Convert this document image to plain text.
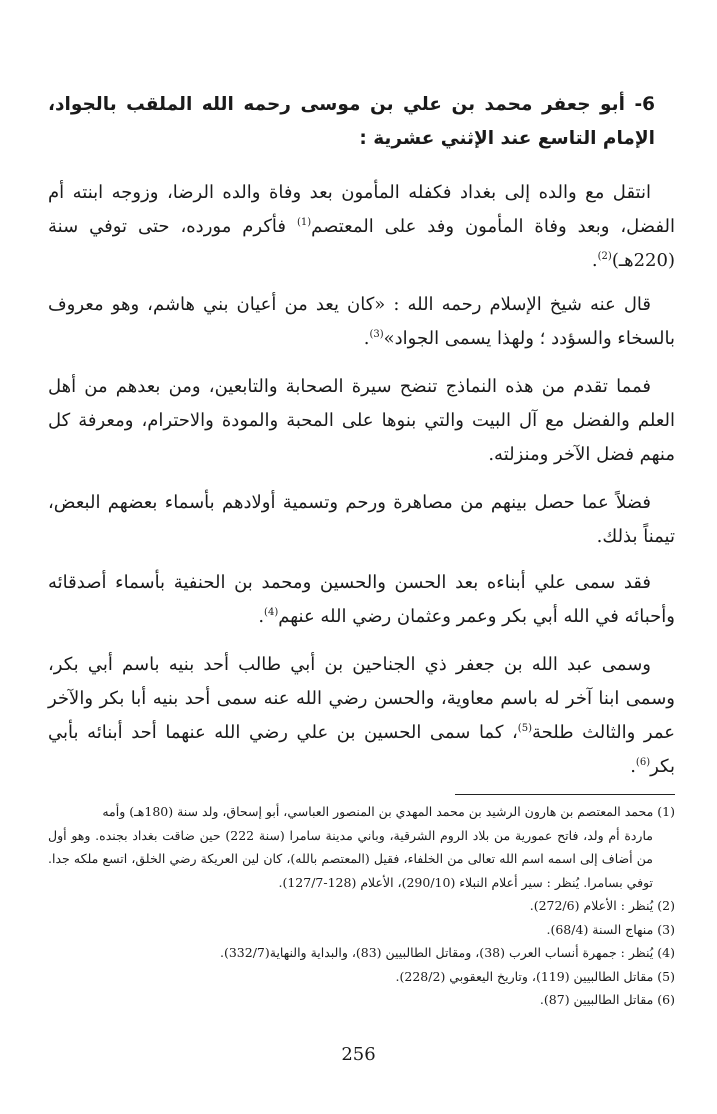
6- أبو جعفر محمد بن علي بن موسى رحمه الله الملقب بالجواد، الإمام التاسع عند الإثني عشرية :
انتقل مع والده إلى بغداد فكفله المأمون بعد وفاة والده الرضا، وزوجه ابنته أم الفضل، وبعد وفاة المأمون وفد على المعتصم$^{(1)}$ فأكرم مورده، حتى توفي سنة (220هـ)$^{(2)}$.
قال عنه شيخ الإسلام رحمه الله : «كان يعد من أعيان بني هاشم، وهو معروف بالسخاء والسؤدد ؛ ولهذا يسمى الجواد»$^{(3)}$.
فمما تقدم من هذه النماذج تنضح سيرة الصحابة والتابعين، ومن بعدهم من أهل العلم والفضل مع آل البيت والتي بنوها على المحبة والمودة والاحترام، ومعرفة كل منهم فضل الآخر ومنزلته.
فضلاً عما حصل بينهم من مصاهرة ورحم وتسمية أولادهم بأسماء بعضهم البعض، تيمناً بذلك.
فقد سمى علي أبناءه بعد الحسن والحسين ومحمد بن الحنفية بأسماء أصدقائه وأحبائه في الله أبي بكر وعمر وعثمان رضي الله عنهم$^{(4)}$.
وسمى عبد الله بن جعفر ذي الجناحين بن أبي طالب أحد بنيه باسم أبي بكر، وسمى ابنا آخر له باسم معاوية، والحسن رضي الله عنه سمى أحد بنيه أبا بكر والآخر عمر والثالث طلحة$^{(5)}$، كما سمى الحسين بن علي رضي الله عنهما أحد أبنائه بأبي بكر$^{(6)}$.

(1) محمد المعتصم بن هارون الرشيد بن محمد المهدي بن المنصور العباسي، أبو إسحاق، ولد سنة (180هـ) وأمه
ماردة أم ولد، فاتح عمورية من بلاد الروم الشرقية، وباني مدينة سامرا (سنة 222) حين ضاقت بغداد بجنده. وهو أول من أضاف إلى اسمه اسم الله تعالى من الخلفاء، فقيل (المعتصم بالله)، كان لين العريكة رضي الخلق، اتسع ملكه جدا. توفي بسامرا. يُنظر : سير أعلام النبلاء (290/10)، الأعلام (128-127/7).

(2) يُنظر : الأعلام (272/6).

(3) منهاج السنة (68/4).

(4) يُنظر : جمهرة أنساب العرب (38)، ومقاتل الطالبيين (83)، والبداية والنهاية(332/7).

(5) مقاتل الطالبيين (119)، وتاريخ اليعقوبي (228/2).

(6) مقاتل الطالبيين (87).

256
